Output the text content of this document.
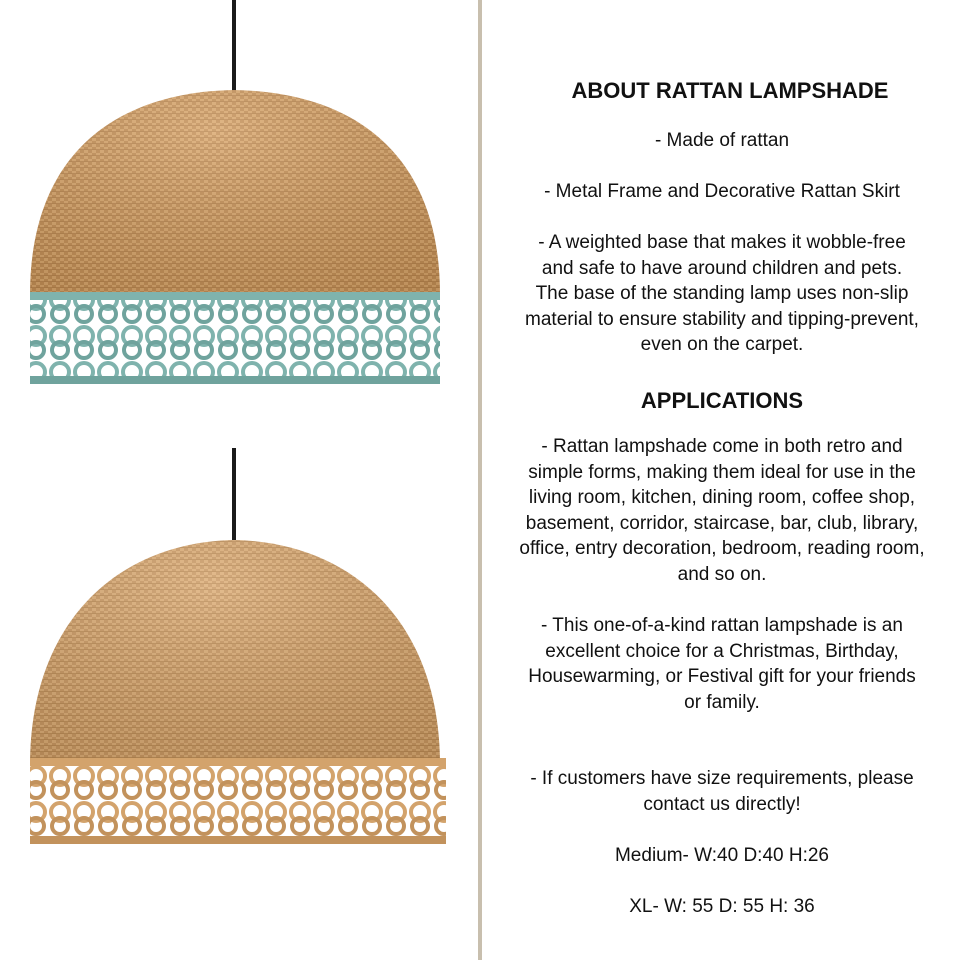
ABOUT RATTAN LAMPSHADE

- Made of rattan

- Metal Frame and Decorative Rattan Skirt

- A weighted base that makes it wobble-free
and safe to have around children and pets.
The base of the standing lamp uses non-slip
material to ensure stability and tipping-prevent,
even on the carpet.

APPLICATIONS

- Rattan lampshade come in both retro and
simple forms, making them ideal for use in the
living room, kitchen, dining room, coffee shop,
basement, corridor, staircase, bar, club, library,
office, entry decoration, bedroom, reading room,
and so on.

- This one-of-a-kind rattan lampshade is an
excellent choice for a Christmas, Birthday,
Housewarming, or Festival gift for your friends
or family.

- If customers have size requirements, please
contact us directly!

Medium- W:40 D:40 H:26

XL- W: 55 D: 55 H: 36
